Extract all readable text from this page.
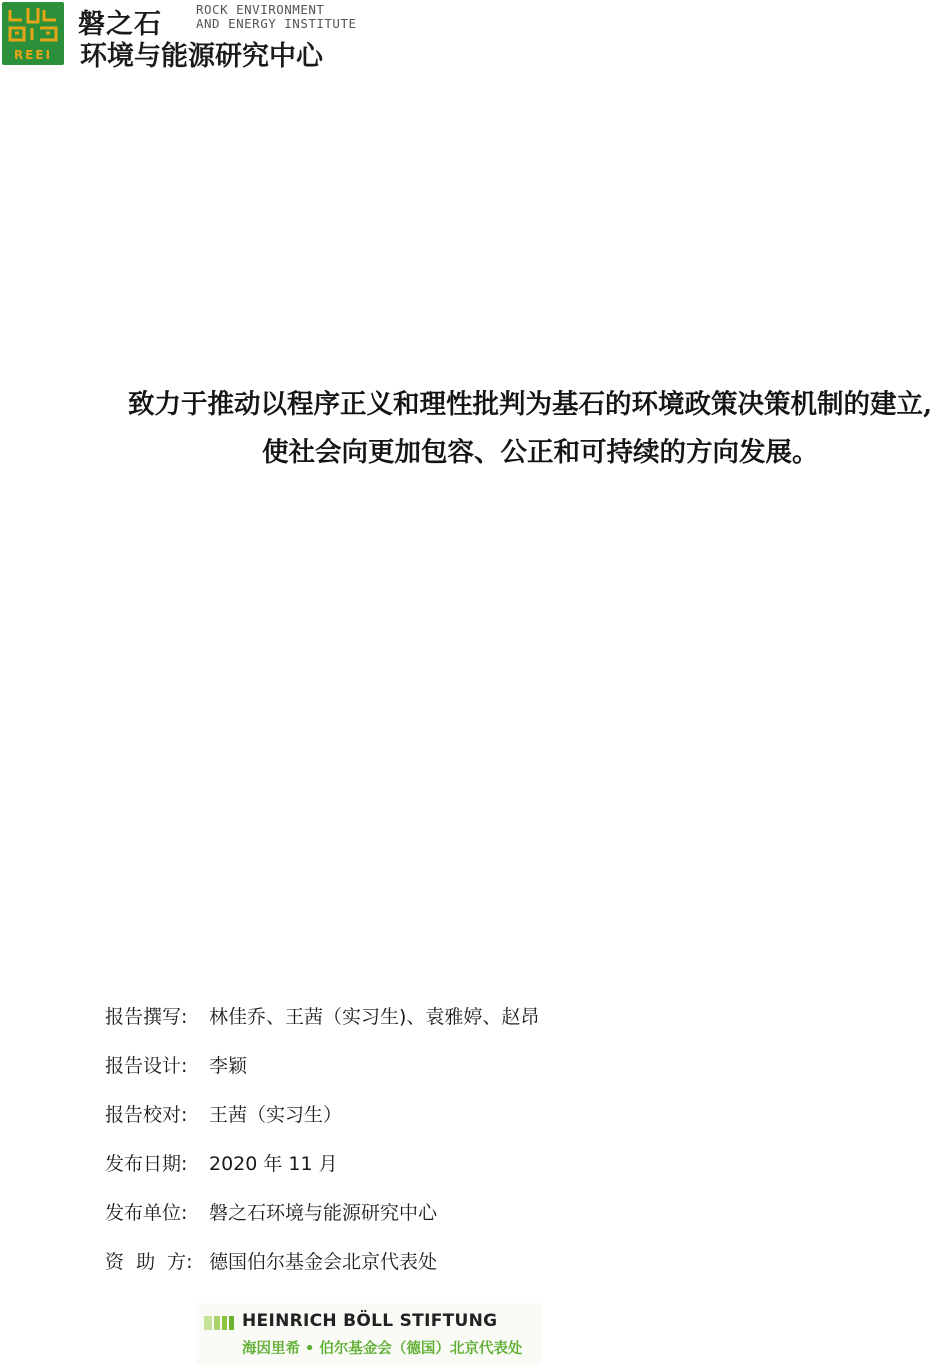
REEI
磐之石	ROCK ENVIRONMENT
AND ENERGY INSTITUTE
环境与能源研究中心
致力于推动以程序正义和理性批判为基石的环境政策决策机制的建立,
使社会向更加包容、公正和可持续的方向发展。
报告撰写:	林佳乔、王茜（实习生)、袁雅婷、赵昂
报告设计:	李颖
报告校对:	王茜（实习生）
发布日期:	2020 年 11 月
发布单位:	磐之石环境与能源研究中心
资  助  方: 德国伯尔基金会北京代表处
HEINRICH BÖLL STIFTUNG
海因里希 • 伯尔基金会（德国）北京代表处
